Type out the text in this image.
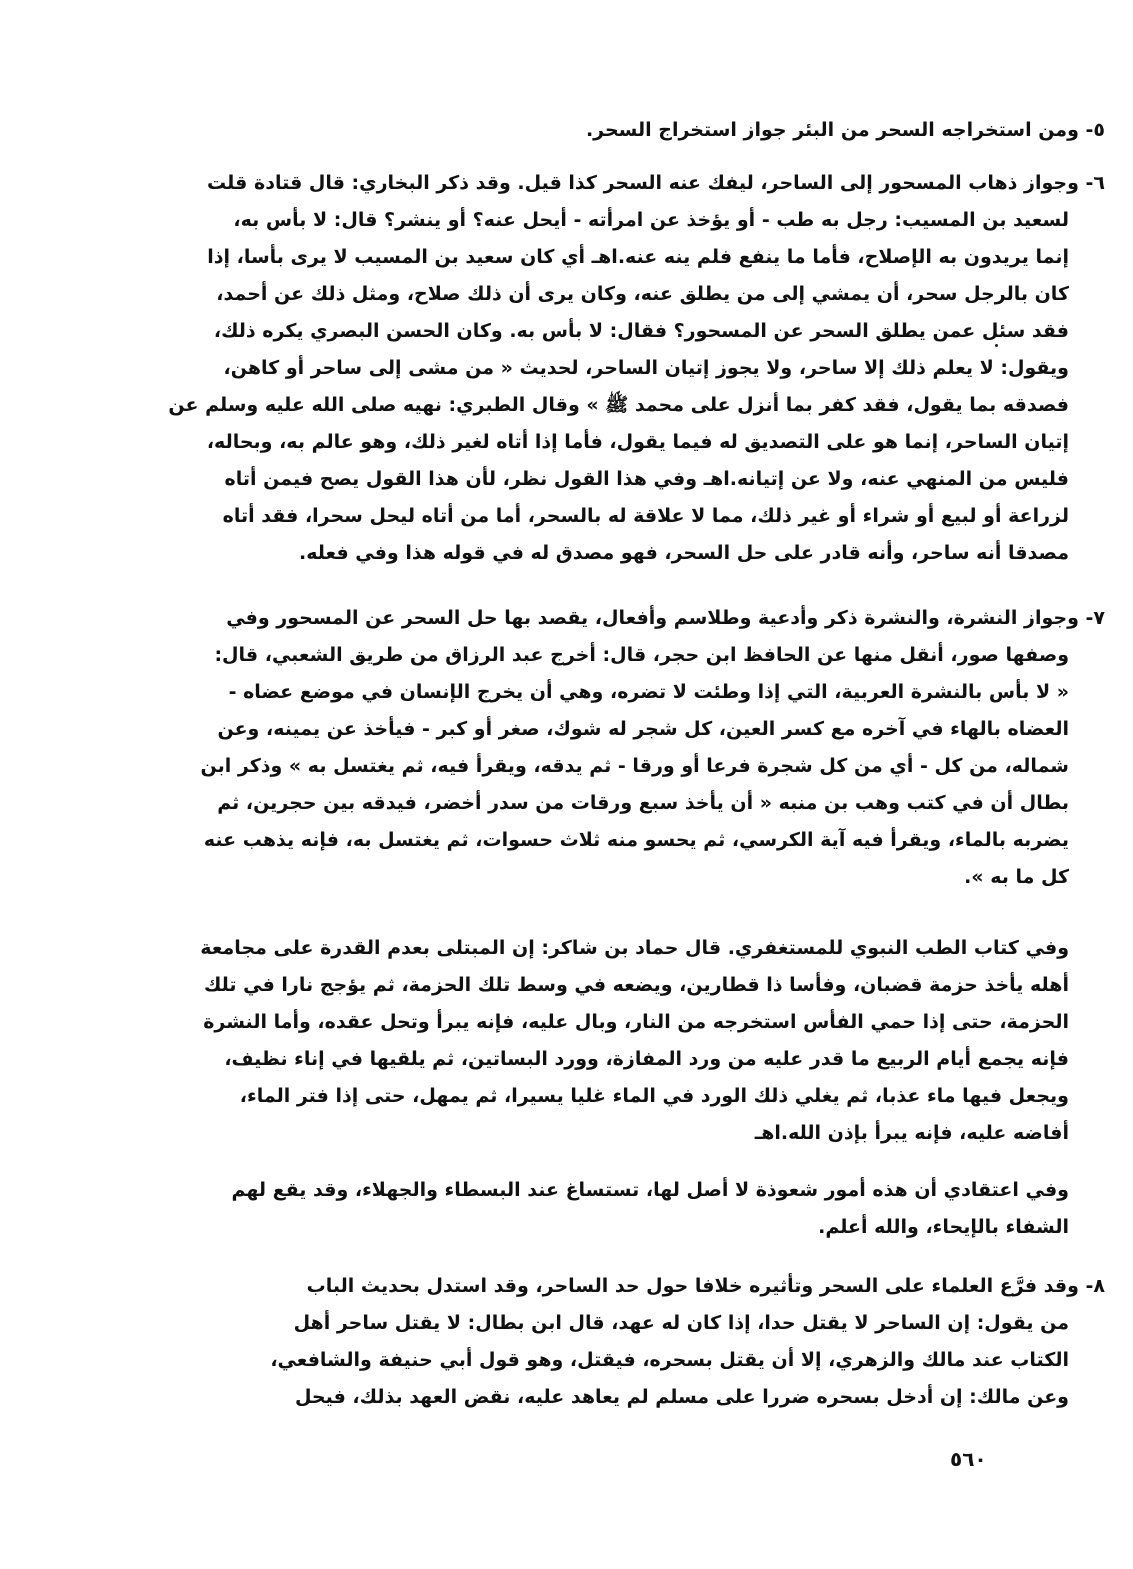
٥- ومن استخراجه السحر من البئر جواز استخراج السحر.
٦- وجواز ذهاب المسحور إلى الساحر، ليفك عنه السحر كذا قيل. وقد ذكر البخاري: قال قتادة قلت
لسعيد بن المسيب: رجل به طب - أو يؤخذ عن امرأته - أيحل عنه؟ أو ينشر؟ قال: لا بأس به،
إنما يريدون به الإصلاح، فأما ما ينفع فلم ينه عنه.اهـ أي كان سعيد بن المسيب لا يرى بأسا، إذا
كان بالرجل سحر، أن يمشي إلى من يطلق عنه، وكان يرى أن ذلك صلاح، ومثل ذلك عن أحمد،
فقد سئل عمن يطلق السحر عن المسحور؟ فقال: لا بأس به. وكان الحسن البصري يكره ذلك،
ويقول: لا يعلم ذلك إلا ساحر، ولا يجوز إتيان الساحر، لحديث « من مشى إلى ساحر أو كاهن،
فصدقه بما يقول، فقد كفر بما أنزل على محمد ﷺ » وقال الطبري: نهيه صلى الله عليه وسلم عن
إتيان الساحر، إنما هو على التصديق له فيما يقول، فأما إذا أتاه لغير ذلك، وهو عالم به، وبحاله،
فليس من المنهي عنه، ولا عن إتيانه.اهـ وفي هذا القول نظر، لأن هذا القول يصح فيمن أتاه
لزراعة أو لبيع أو شراء أو غير ذلك، مما لا علاقة له بالسحر، أما من أتاه ليحل سحرا، فقد أتاه
مصدقا أنه ساحر، وأنه قادر على حل السحر، فهو مصدق له في قوله هذا وفي فعله.
٧- وجواز النشرة، والنشرة ذكر وأدعية وطلاسم وأفعال، يقصد بها حل السحر عن المسحور وفي
وصفها صور، أنقل منها عن الحافظ ابن حجر، قال: أخرج عبد الرزاق من طريق الشعبي، قال:
« لا بأس بالنشرة العربية، التي إذا وطئت لا تضره، وهي أن يخرج الإنسان في موضع عضاه -
العضاه بالهاء في آخره مع كسر العين، كل شجر له شوك، صغر أو كبر - فيأخذ عن يمينه، وعن
شماله، من كل - أي من كل شجرة فرعا أو ورقا - ثم يدقه، ويقرأ فيه، ثم يغتسل به » وذكر ابن
بطال أن في كتب وهب بن منبه « أن يأخذ سبع ورقات من سدر أخضر، فيدقه بين حجرين، ثم
يضربه بالماء، ويقرأ فيه آية الكرسي، ثم يحسو منه ثلاث حسوات، ثم يغتسل به، فإنه يذهب عنه
كل ما به ».
وفي كتاب الطب النبوي للمستغفري. قال حماد بن شاكر: إن المبتلى بعدم القدرة على مجامعة
أهله يأخذ حزمة قضبان، وفأسا ذا قطارين، ويضعه في وسط تلك الحزمة، ثم يؤجج نارا في تلك
الحزمة، حتى إذا حمي الفأس استخرجه من النار، وبال عليه، فإنه يبرأ وتحل عقده، وأما النشرة
فإنه يجمع أيام الربيع ما قدر عليه من ورد المفازة، وورد البساتين، ثم يلقيها في إناء نظيف،
ويجعل فيها ماء عذبا، ثم يغلي ذلك الورد في الماء غليا يسيرا، ثم يمهل، حتى إذا فتر الماء،
أفاضه عليه، فإنه يبرأ بإذن الله.اهـ
وفي اعتقادي أن هذه أمور شعوذة لا أصل لها، تستساغ عند البسطاء والجهلاء، وقد يقع لهم
الشفاء بالإيحاء، والله أعلم.
٨- وقد فرَّع العلماء على السحر وتأثيره خلافا حول حد الساحر، وقد استدل بحديث الباب
من يقول: إن الساحر لا يقتل حدا، إذا كان له عهد، قال ابن بطال: لا يقتل ساحر أهل
الكتاب عند مالك والزهري، إلا أن يقتل بسحره، فيقتل، وهو قول أبي حنيفة والشافعي،
وعن مالك: إن أدخل بسحره ضررا على مسلم لم يعاهد عليه، نقض العهد بذلك، فيحل
٥٦٠
